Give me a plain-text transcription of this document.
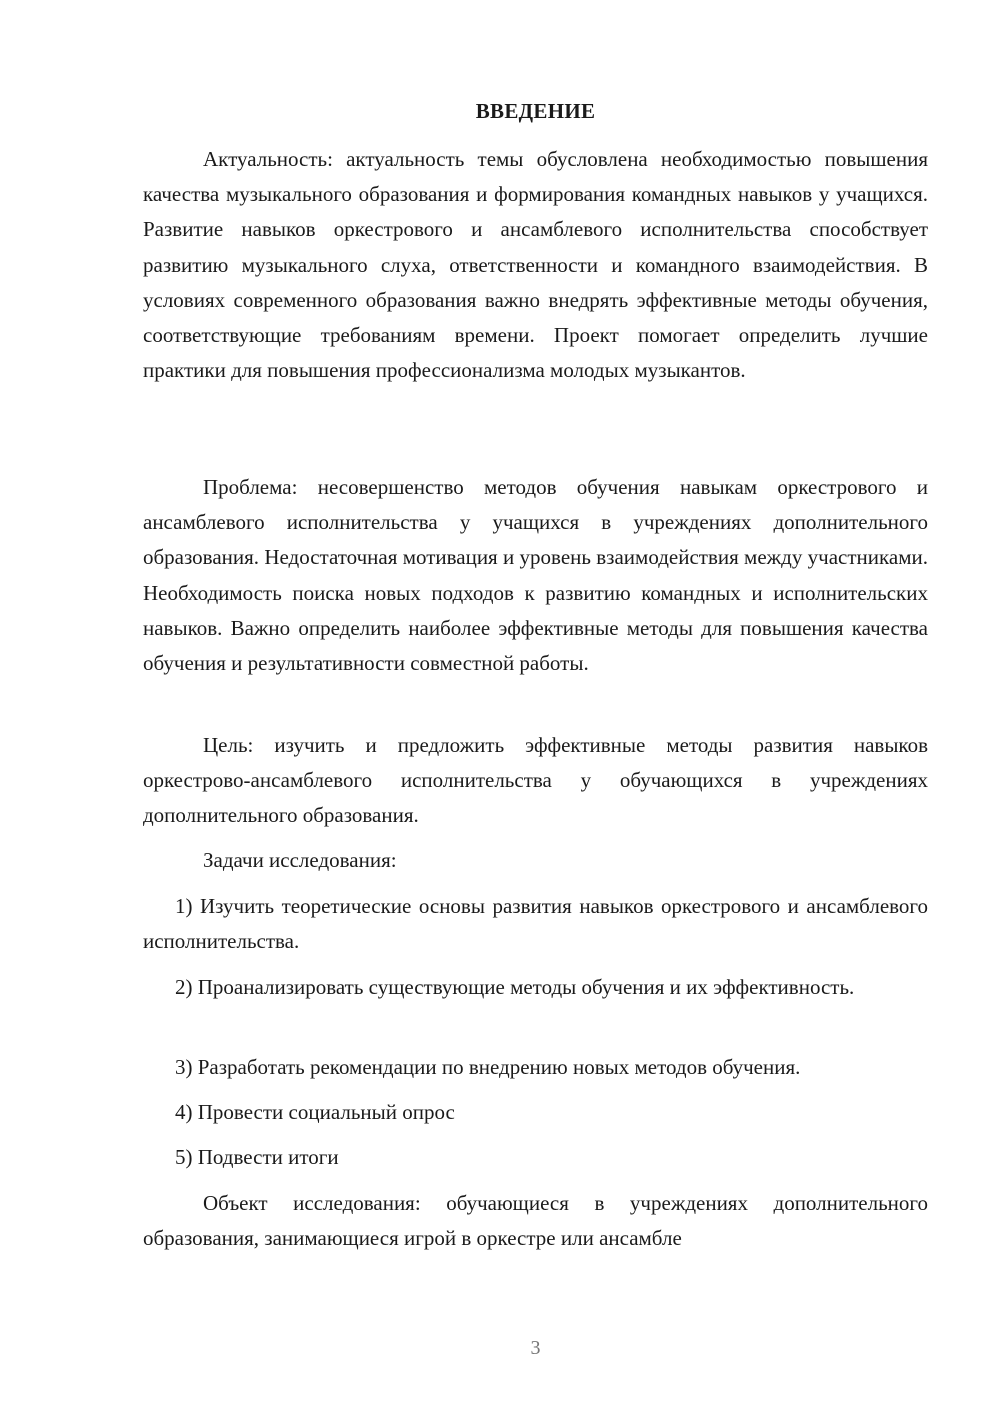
ВВЕДЕНИЕ

Актуальность: актуальность темы обусловлена необходимостью повышения качества музыкального образования и формирования командных навыков у учащихся. Развитие навыков оркестрового и ансамблевого исполнительства способствует развитию музыкального слуха, ответственности и командного взаимодействия. В условиях современного образования важно внедрять эффективные методы обучения, соответствующие требованиям времени. Проект помогает определить лучшие практики для повышения профессионализма молодых музыкантов.

Проблема: несовершенство методов обучения навыкам оркестрового и ансамблевого исполнительства у учащихся в учреждениях дополнительного образования. Недостаточная мотивация и уровень взаимодействия между участниками. Необходимость поиска новых подходов к развитию командных и исполнительских навыков. Важно определить наиболее эффективные методы для повышения качества обучения и результативности совместной работы.

Цель: изучить и предложить эффективные методы развития навыков оркестрово-ансамблевого исполнительства у обучающихся в учреждениях дополнительного образования.

Задачи исследования:

1) Изучить теоретические основы развития навыков оркестрового и ансамблевого исполнительства.

2) Проанализировать существующие методы обучения и их эффективность.

3) Разработать рекомендации по внедрению новых методов обучения.

4) Провести социальный опрос

5) Подвести итоги

Объект исследования: обучающиеся в учреждениях дополнительного образования, занимающиеся игрой в оркестре или ансамбле

3
